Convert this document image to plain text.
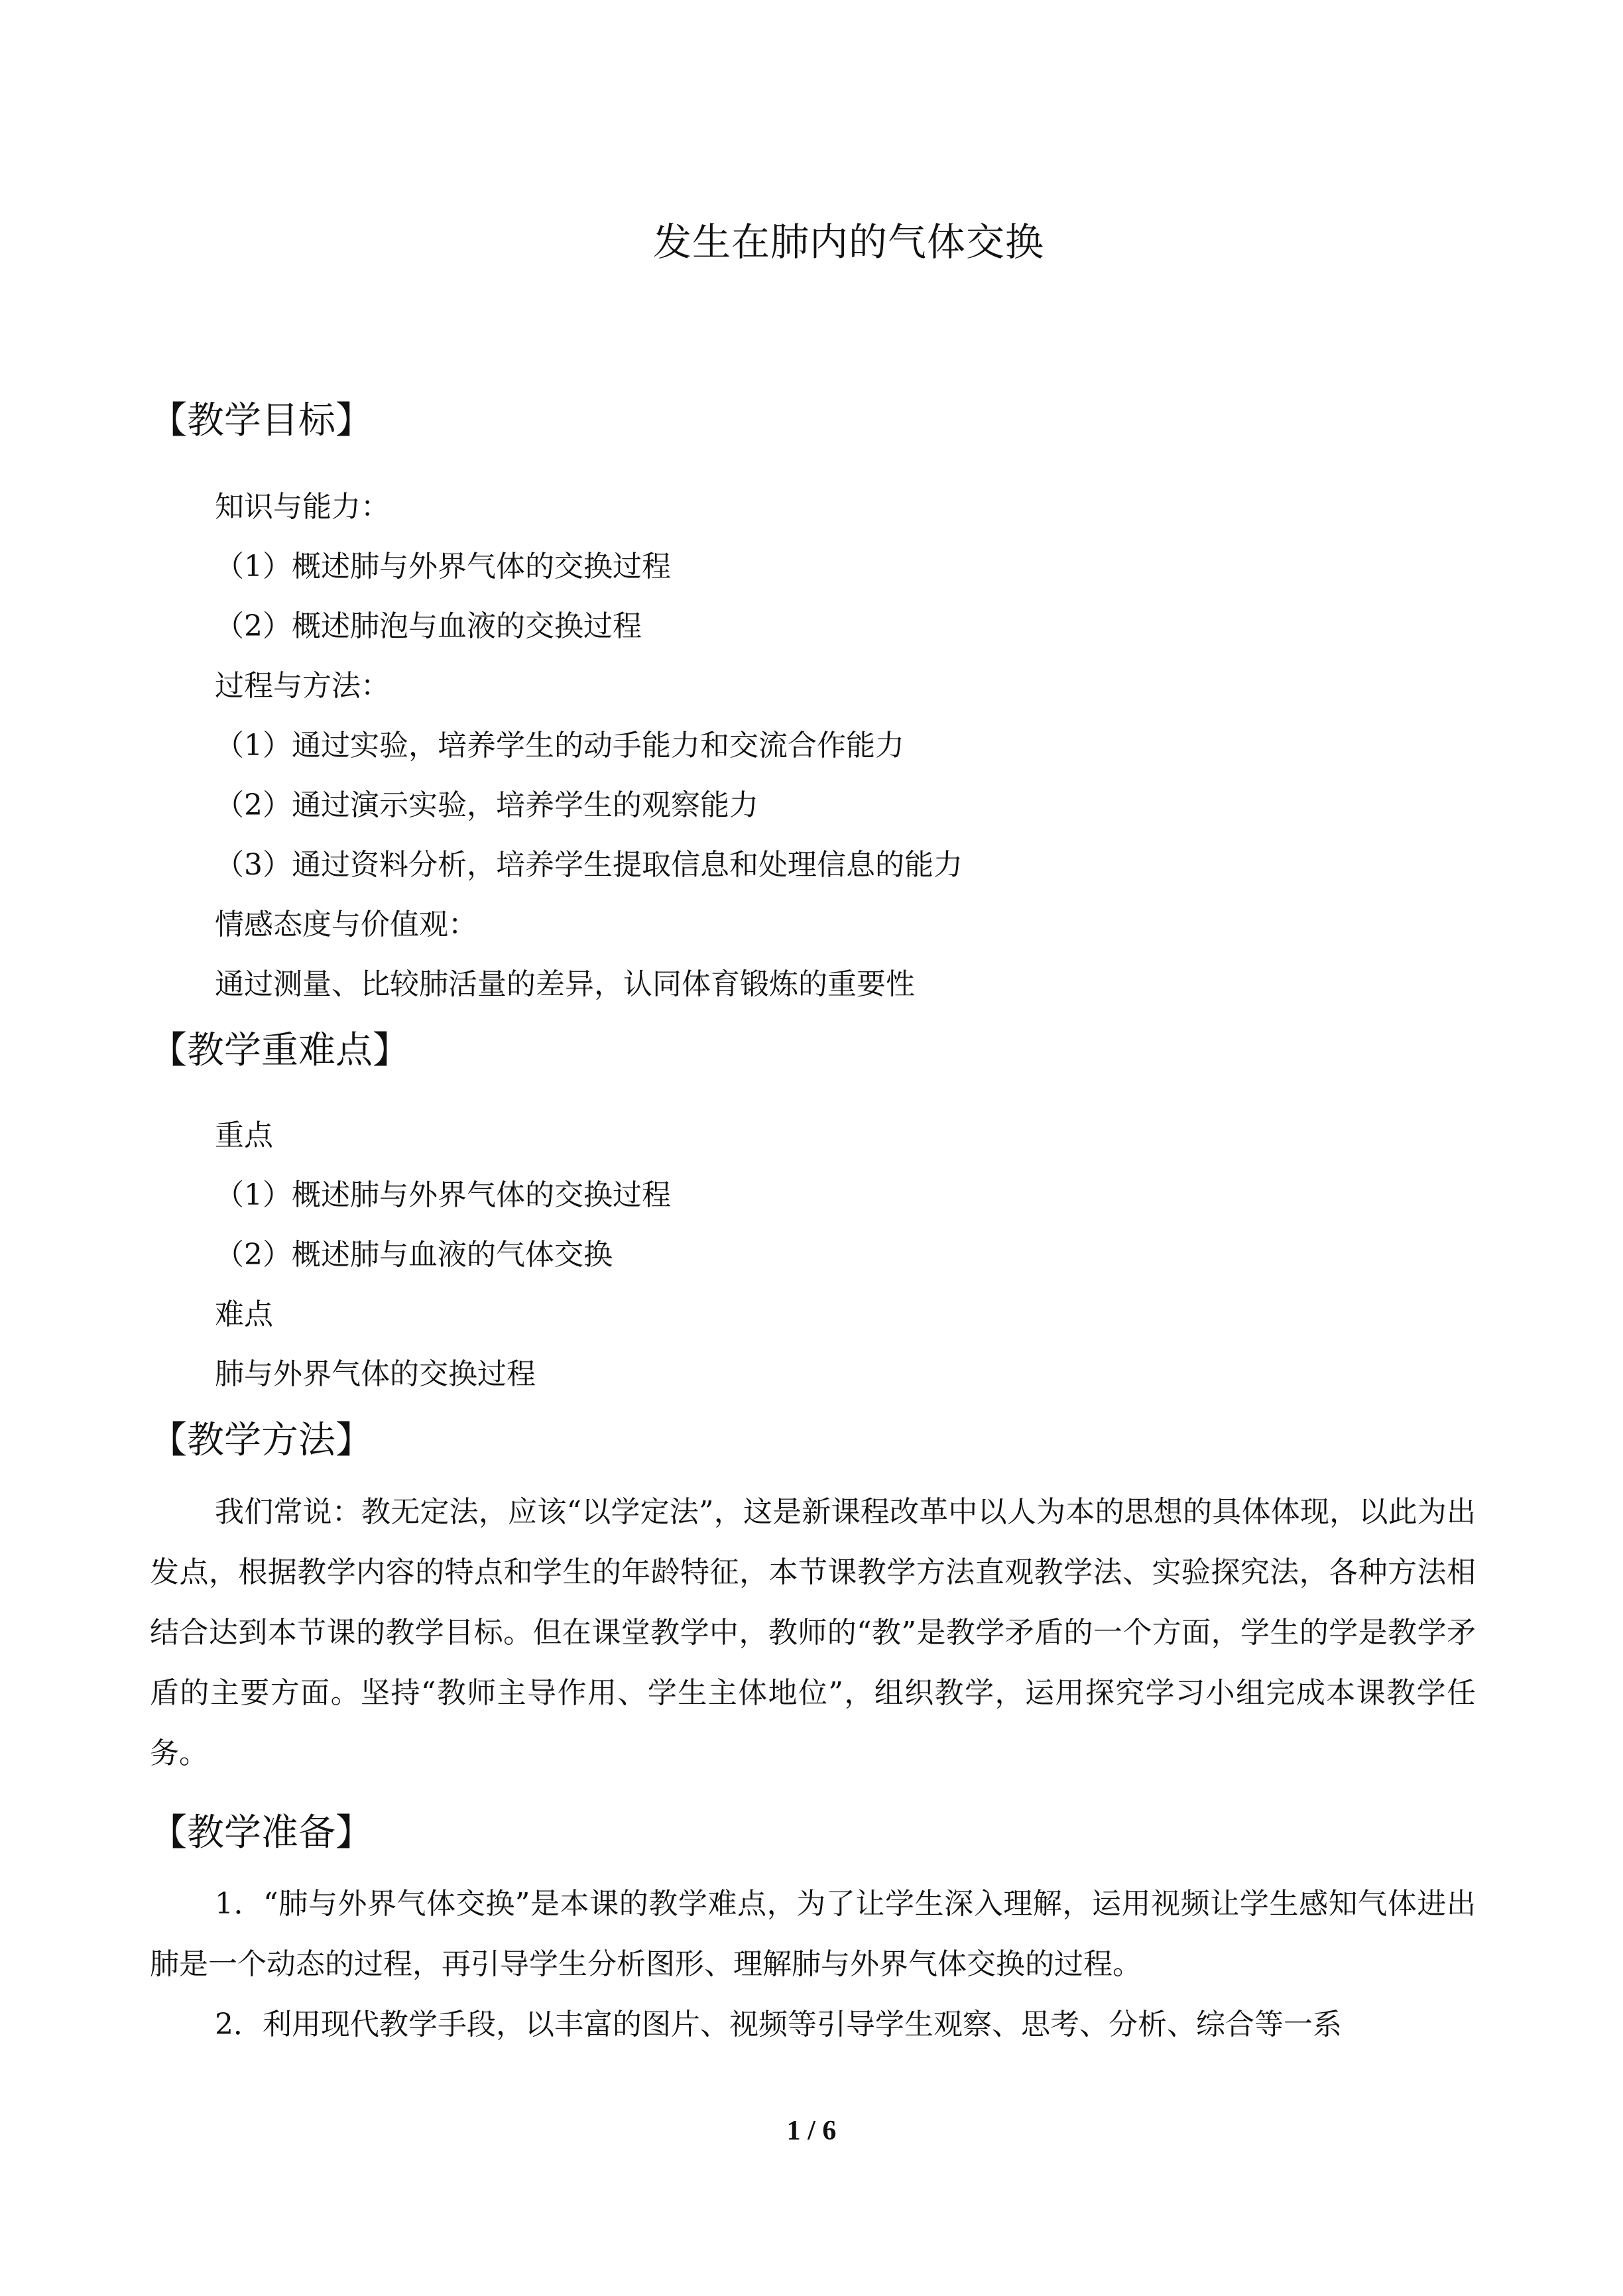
发生在肺内的气体交换
【教学目标】
知识与能力：
（1）概述肺与外界气体的交换过程
（2）概述肺泡与血液的交换过程
过程与方法：
（1）通过实验，培养学生的动手能力和交流合作能力
（2）通过演示实验，培养学生的观察能力
（3）通过资料分析，培养学生提取信息和处理信息的能力
情感态度与价值观：
通过测量、比较肺活量的差异，认同体育锻炼的重要性
【教学重难点】
重点
（1）概述肺与外界气体的交换过程
（2）概述肺与血液的气体交换
难点
肺与外界气体的交换过程
【教学方法】

我们常说：教无定法，应该“以学定法”，这是新课程改革中以人为本的思想的具体体现，以此为出发点，根据教学内容的特点和学生的年龄特征，本节课教学方法直观教学法、实验探究法，各种方法相结合达到本节课的教学目标。但在课堂教学中，教师的“教”是教学矛盾的一个方面，学生的学是教学矛盾的主要方面。坚持“教师主导作用、学生主体地位”，组织教学，运用探究学习小组完成本课教学任务。

【教学准备】

1．“肺与外界气体交换”是本课的教学难点，为了让学生深入理解，运用视频让学生感知气体进出肺是一个动态的过程，再引导学生分析图形、理解肺与外界气体交换的过程。

2．利用现代教学手段，以丰富的图片、视频等引导学生观察、思考、分析、综合等一系

1 / 6
